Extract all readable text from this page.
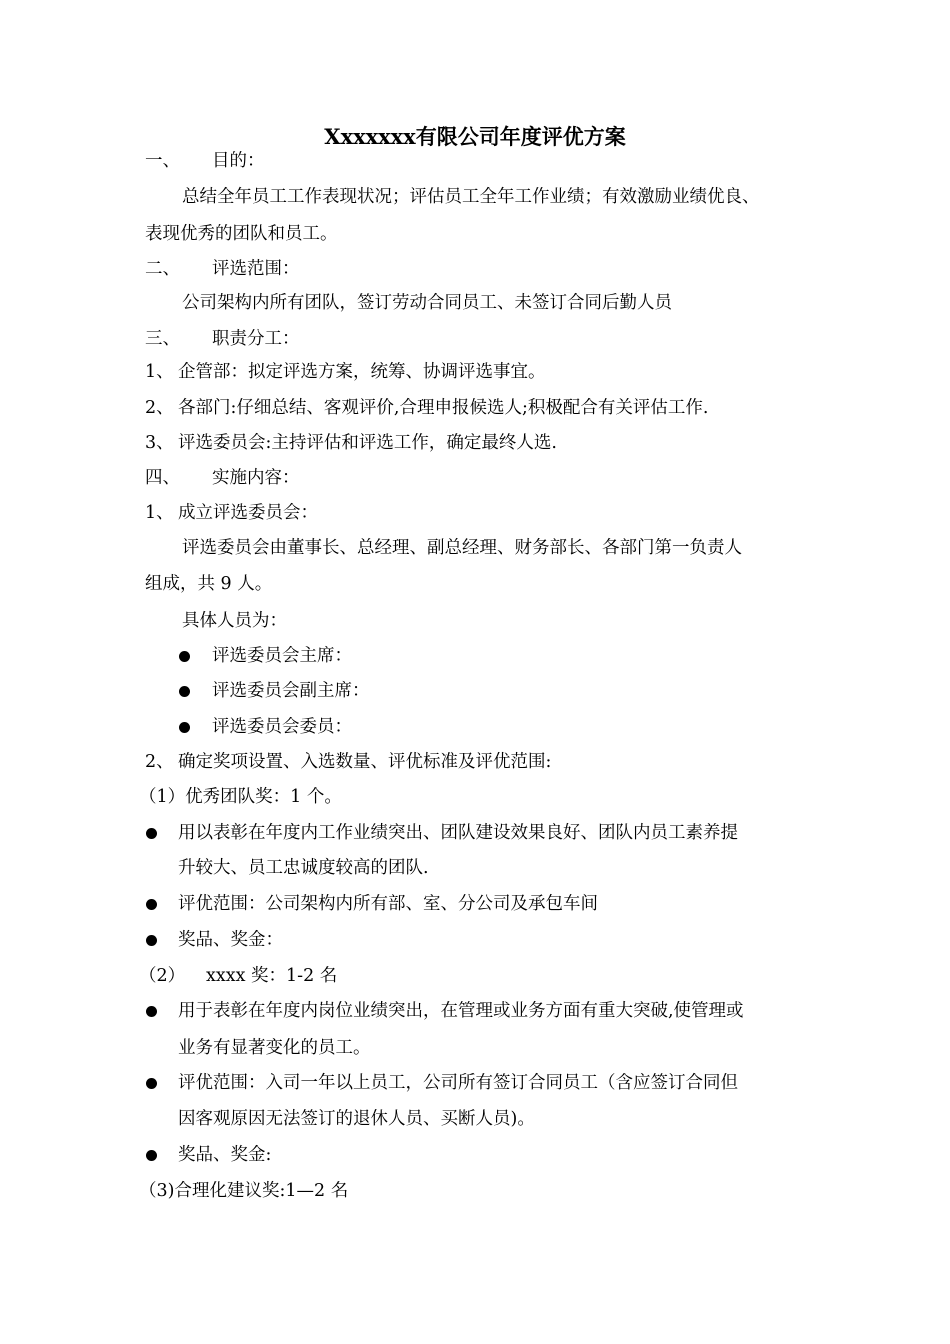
Xxxxxxx有限公司年度评优方案
一、 目的：
总结全年员工工作表现状况；评估员工全年工作业绩；有效激励业绩优良、
表现优秀的团队和员工。
二、 评选范围：
公司架构内所有团队，签订劳动合同员工、未签订合同后勤人员
三、 职责分工：
1、 企管部：拟定评选方案，统筹、协调评选事宜。
2、 各部门:仔细总结、客观评价,合理申报候选人;积极配合有关评估工作.
3、 评选委员会:主持评估和评选工作，确定最终人选.
四、 实施内容：
1、 成立评选委员会：
评选委员会由董事长、总经理、副总经理、财务部长、各部门第一负责人
组成，共 9 人。
具体人员为：
评选委员会主席：
评选委员会副主席：
评选委员会委员：
2、 确定奖项设置、入选数量、评优标准及评优范围:
（1）优秀团队奖：1 个。
用以表彰在年度内工作业绩突出、团队建设效果良好、团队内员工素养提
升较大、员工忠诚度较高的团队.
评优范围：公司架构内所有部、室、分公司及承包车间
奖品、奖金：
（2） xxxx 奖：1-2 名
用于表彰在年度内岗位业绩突出，在管理或业务方面有重大突破,使管理或
业务有显著变化的员工。
评优范围：入司一年以上员工，公司所有签订合同员工（含应签订合同但
因客观原因无法签订的退休人员、买断人员)。
奖品、奖金:
（3)合理化建议奖:1—2 名
